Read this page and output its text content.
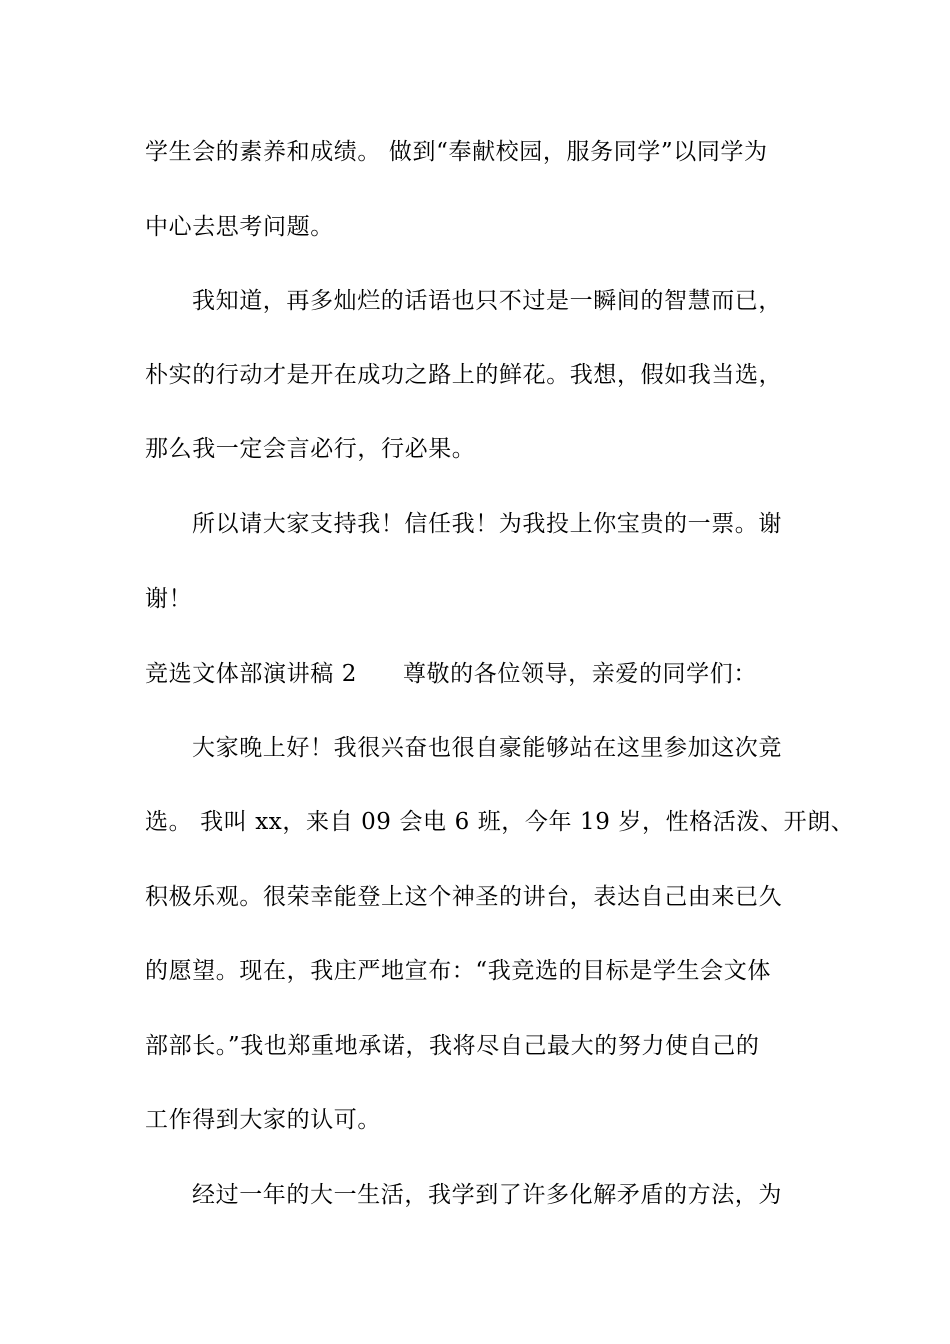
学生会的素养和成绩。 做到“奉献校园，服务同学”以同学为
中心去思考问题。
我知道，再多灿烂的话语也只不过是一瞬间的智慧而已，
朴实的行动才是开在成功之路上的鲜花。我想，假如我当选，
那么我一定会言必行，行必果。
所以请大家支持我！信任我！为我投上你宝贵的一票。谢
谢！
竞选文体部演讲稿 2 尊敬的各位领导，亲爱的同学们：
大家晚上好！我很兴奋也很自豪能够站在这里参加这次竞
选。 我叫 xx，来自 09 会电 6 班，今年 19 岁，性格活泼、开朗、
积极乐观。很荣幸能登上这个神圣的讲台，表达自己由来已久
的愿望。现在，我庄严地宣布：“我竞选的目标是学生会文体
部部长。”我也郑重地承诺，我将尽自己最大的努力使自己的
工作得到大家的认可。
经过一年的大一生活，我学到了许多化解矛盾的方法，为
